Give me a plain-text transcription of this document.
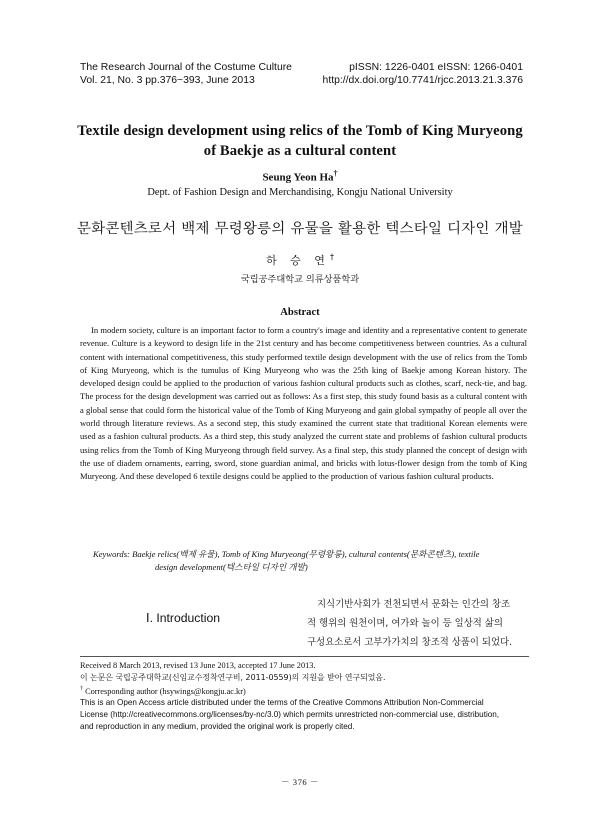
The Research Journal of the Costume Culture
Vol. 21, No. 3 pp.376~393, June 2013
pISSN: 1226-0401 eISSN: 1266-0401
http://dx.doi.org/10.7741/rjcc.2013.21.3.376
Textile design development using relics of the Tomb of King Muryeong
of Baekje as a cultural content
Seung Yeon Ha†
Dept. of Fashion Design and Merchandising, Kongju National University
문화콘텐츠로서 백제 무령왕릉의 유물을 활용한 텍스타일 디자인 개발
하 승 연†
국립공주대학교 의류상품학과
Abstract

In modern society, culture is an important factor to form a country's image and identity and a representative content to generate revenue. Culture is a keyword to design life in the 21st century and has become competitiveness between countries. As a cultural content with international competitiveness, this study performed textile design development with the use of relics from the Tomb of King Muryeong, which is the tumulus of King Muryeong who was the 25th king of Baekje among Korean history. The developed design could be applied to the production of various fashion cultural products such as clothes, scarf, neck-tie, and bag. The process for the design development was carried out as follows: As a first step, this study found basis as a cultural content with a global sense that could form the historical value of the Tomb of King Muryeong and gain global sympathy of people all over the world through literature reviews. As a second step, this study examined the current state that traditional Korean elements were used as a fashion cultural products. As a third step, this study analyzed the current state and problems of fashion cultural products using relics from the Tomb of King Muryeong through field survey. As a final step, this study planned the concept of design with the use of diadem ornaments, earring, sword, stone guardian animal, and bricks with lotus-flower design from the tomb of King Muryeong. And these developed 6 textile designs could be applied to the production of various fashion cultural products.

Keywords: Baekje relics(백제 유물), Tomb of King Muryeong(무령왕릉), cultural contents(문화콘텐츠), textile
design development(텍스타일 디자인 개발)

Ⅰ. Introduction

지식기반사회가 전천되면서 문화는 인간의 창조
적 행위의 원천이며, 여가와 놀이 등 일상적 삶의
구성요소로서 고부가가치의 창조적 상품이 되었다.

Received 8 March 2013, revised 13 June 2013, accepted 17 June 2013.
이 논문은 국립공주대학교(신임교수정착연구비, 2011-0559)의 지원을 받아 연구되었음.
† Corresponding author (hsywings@kongju.ac.kr)
This is an Open Access article distributed under the terms of the Creative Commons Attribution Non-Commercial
License (http://creativecommons.org/licenses/by-nc/3.0) which permits unrestricted non-commercial use, distribution,
and reproduction in any medium, provided the original work is properly cited.
－ 376 －
